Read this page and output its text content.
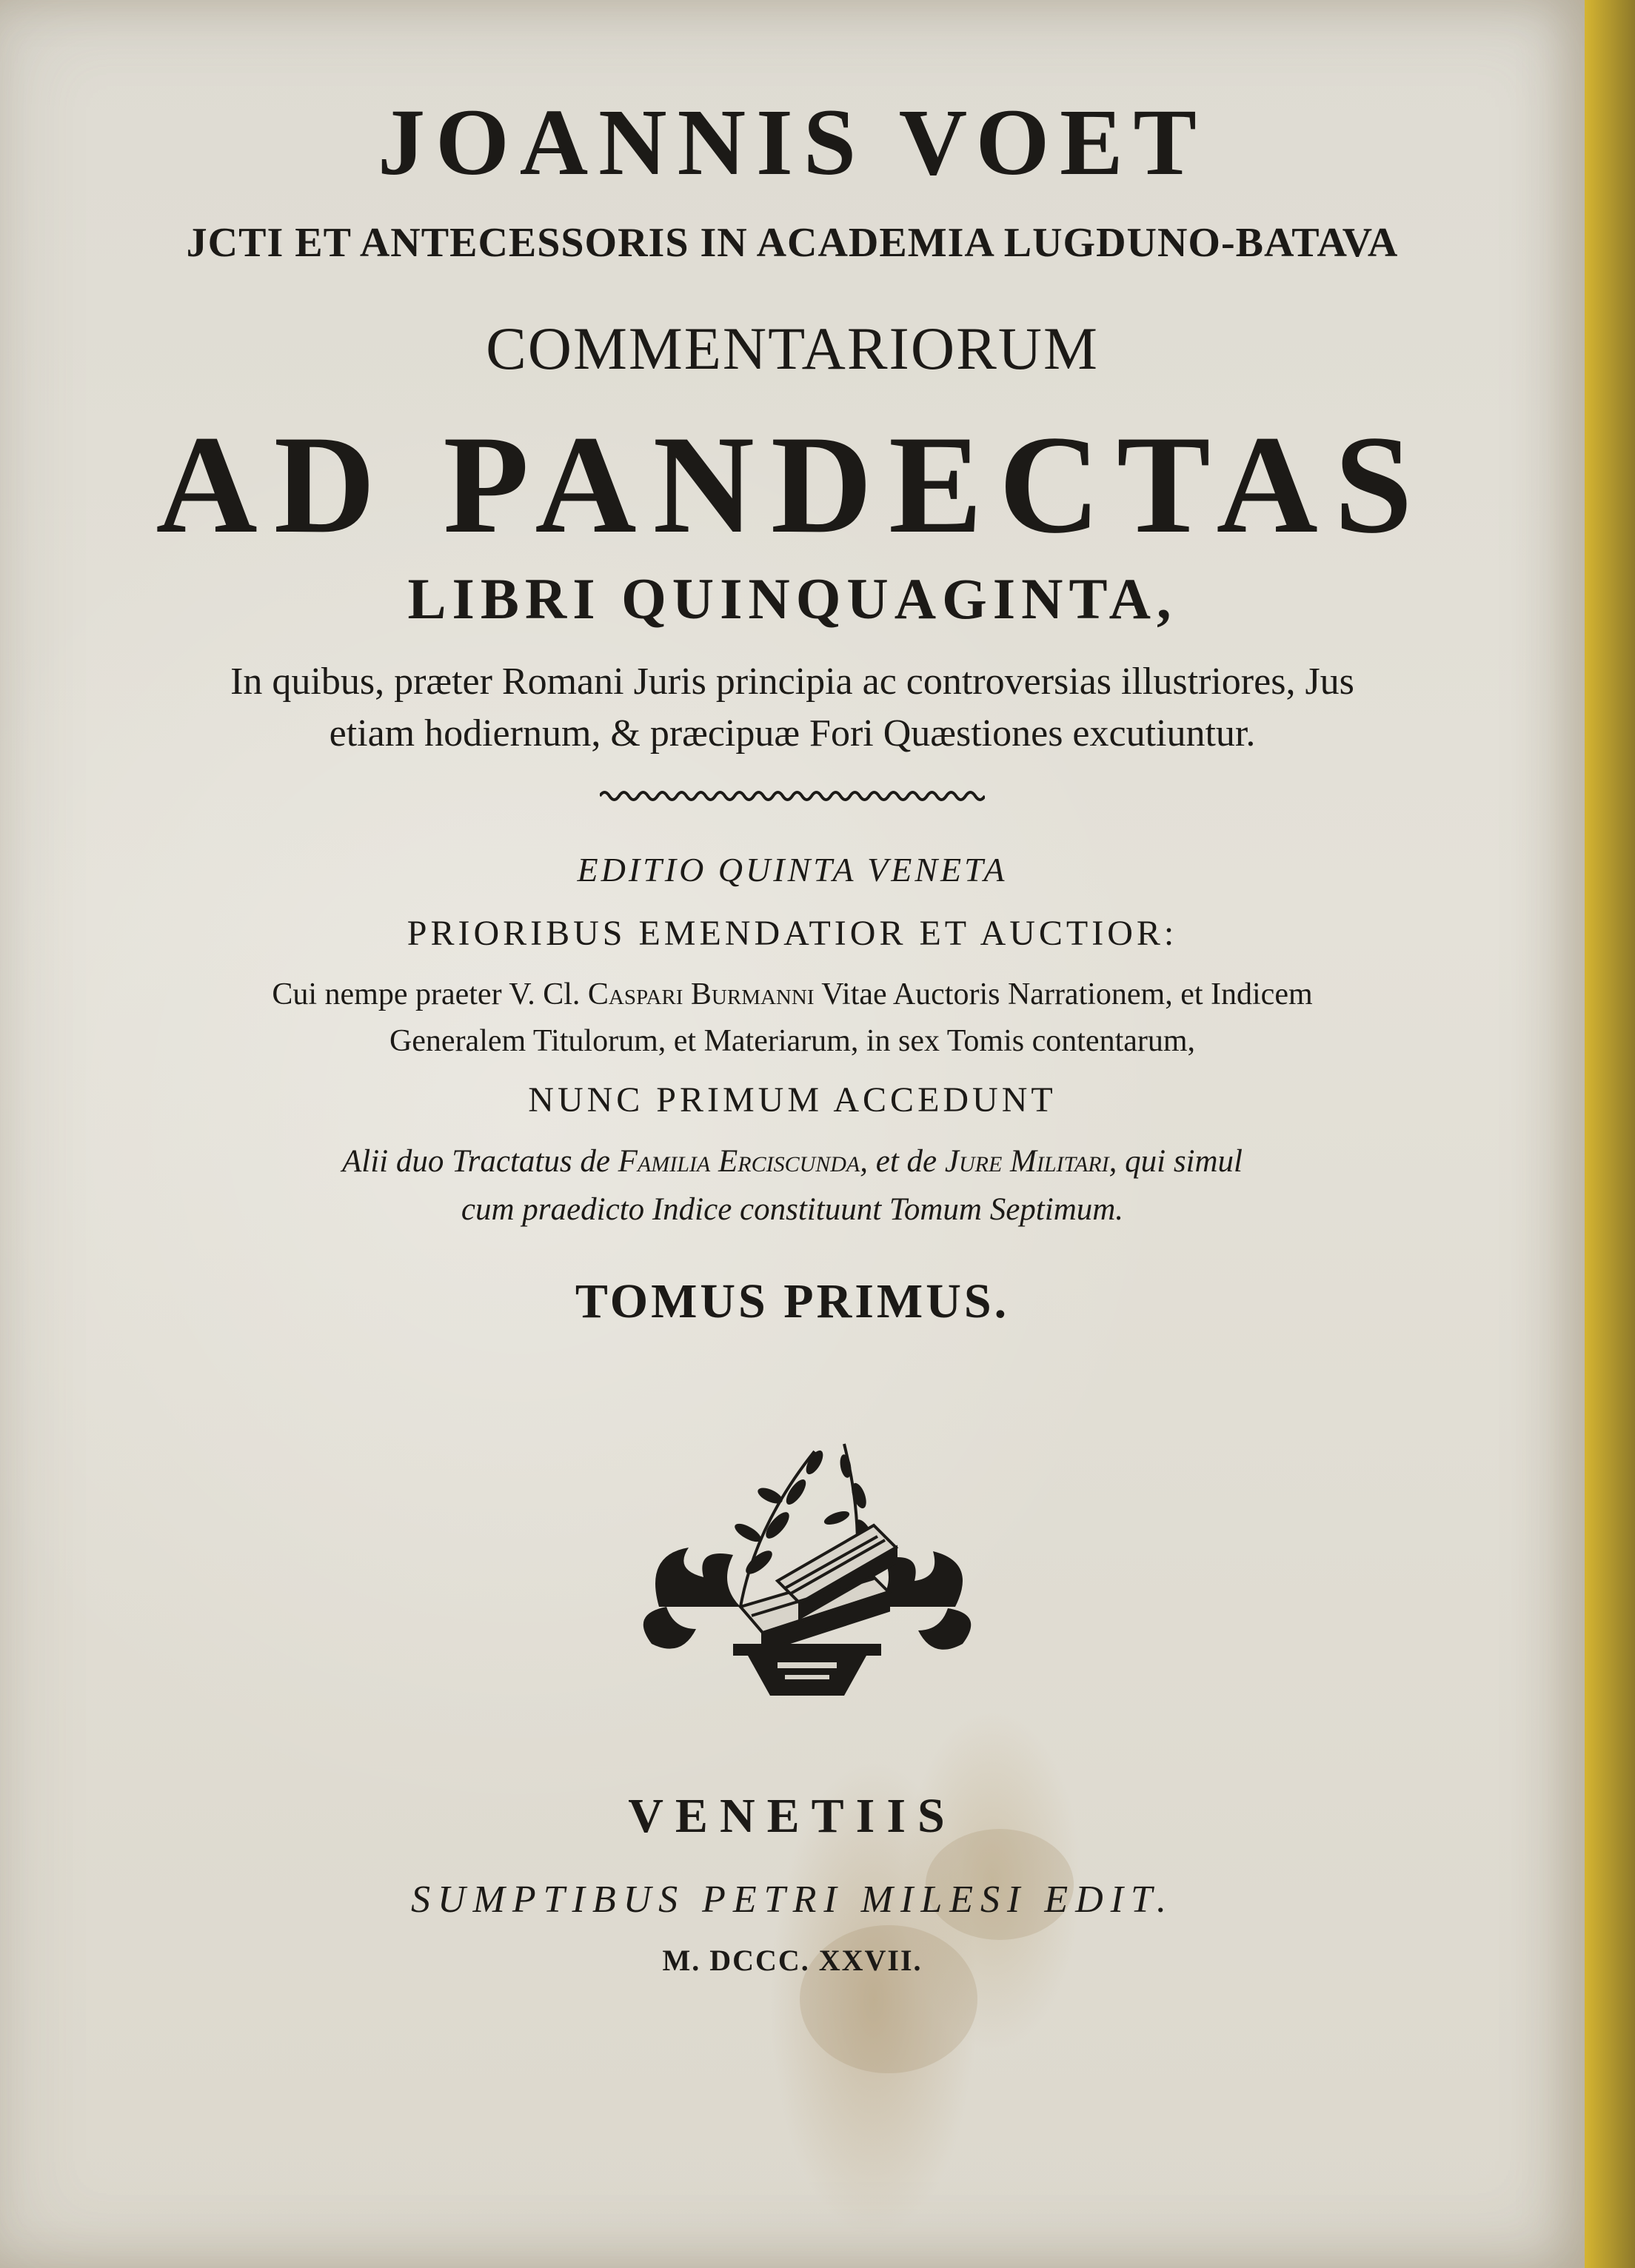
JOANNIS VOET
JCTI ET ANTECESSORIS IN ACADEMIA LUGDUNO-BATAVA
COMMENTARIORUM
AD PANDECTAS
LIBRI QUINQUAGINTA,
In quibus, præter Romani Juris principia ac controversias illustriores, Jus
etiam hodiernum, & præcipuæ Fori Quæstiones excutiuntur.
EDITIO QUINTA VENETA
PRIORIBUS EMENDATIOR ET AUCTIOR:
Cui nempe praeter V. Cl. Caspari Burmanni Vitae Auctoris Narrationem, et Indicem
Generalem Titulorum, et Materiarum, in sex Tomis contentarum,
NUNC PRIMUM ACCEDUNT
Alii duo Tractatus de Familia Erciscunda, et de Jure Militari, qui simul
cum praedicto Indice constituunt Tomum Septimum.
TOMUS PRIMUS.
VENETIIS
SUMPTIBUS PETRI MILESI EDIT.
M. DCCC. XXVII.
